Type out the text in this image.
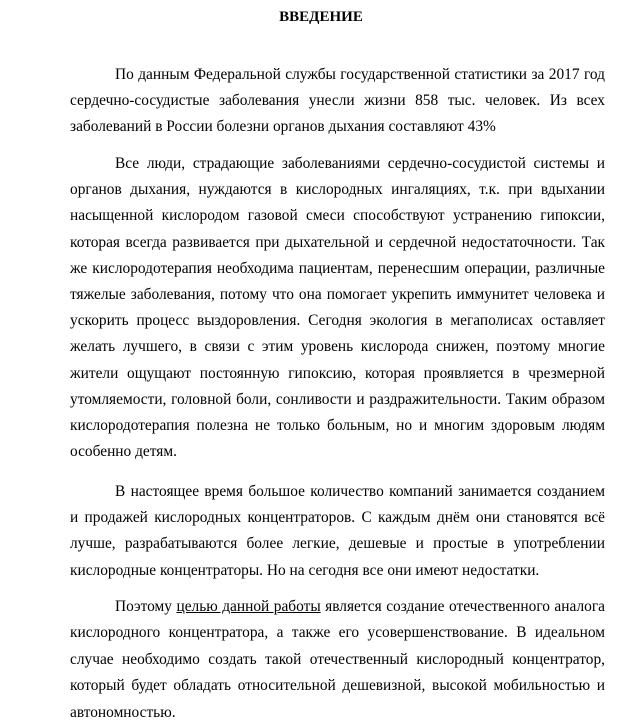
ВВЕДЕНИЕ

По данным Федеральной службы государственной статистики за 2017 год сердечно-сосудистые заболевания унесли жизни 858 тыс. человек. Из всех заболеваний в России болезни органов дыхания составляют 43%

Все люди, страдающие заболеваниями сердечно-сосудистой системы и органов дыхания, нуждаются в кислородных ингаляциях, т.к. при вдыхании насыщенной кислородом газовой смеси способствуют устранению гипоксии, которая всегда развивается при дыхательной и сердечной недостаточности. Так же кислородотерапия необходима пациентам, перенесшим операции, различные тяжелые заболевания, потому что она помогает укрепить иммунитет человека и ускорить процесс выздоровления. Сегодня экология в мегаполисах оставляет желать лучшего, в связи с этим уровень кислорода снижен, поэтому многие жители ощущают постоянную гипоксию, которая проявляется в чрезмерной утомляемости, головной боли, сонливости и раздражительности. Таким образом кислородотерапия полезна не только больным, но и многим здоровым людям особенно детям.

В настоящее время большое количество компаний занимается созданием и продажей кислородных концентраторов. С каждым днём они становятся всё лучше, разрабатываются более легкие, дешевые и простые в употреблении кислородные концентраторы. Но на сегодня все они имеют недостатки.

Поэтому целью данной работы является создание отечественного аналога кислородного концентратора, а также его усовершенствование. В идеальном случае необходимо создать такой отечественный кислородный концентратор, который будет обладать относительной дешевизной, высокой мобильностью и автономностью.
